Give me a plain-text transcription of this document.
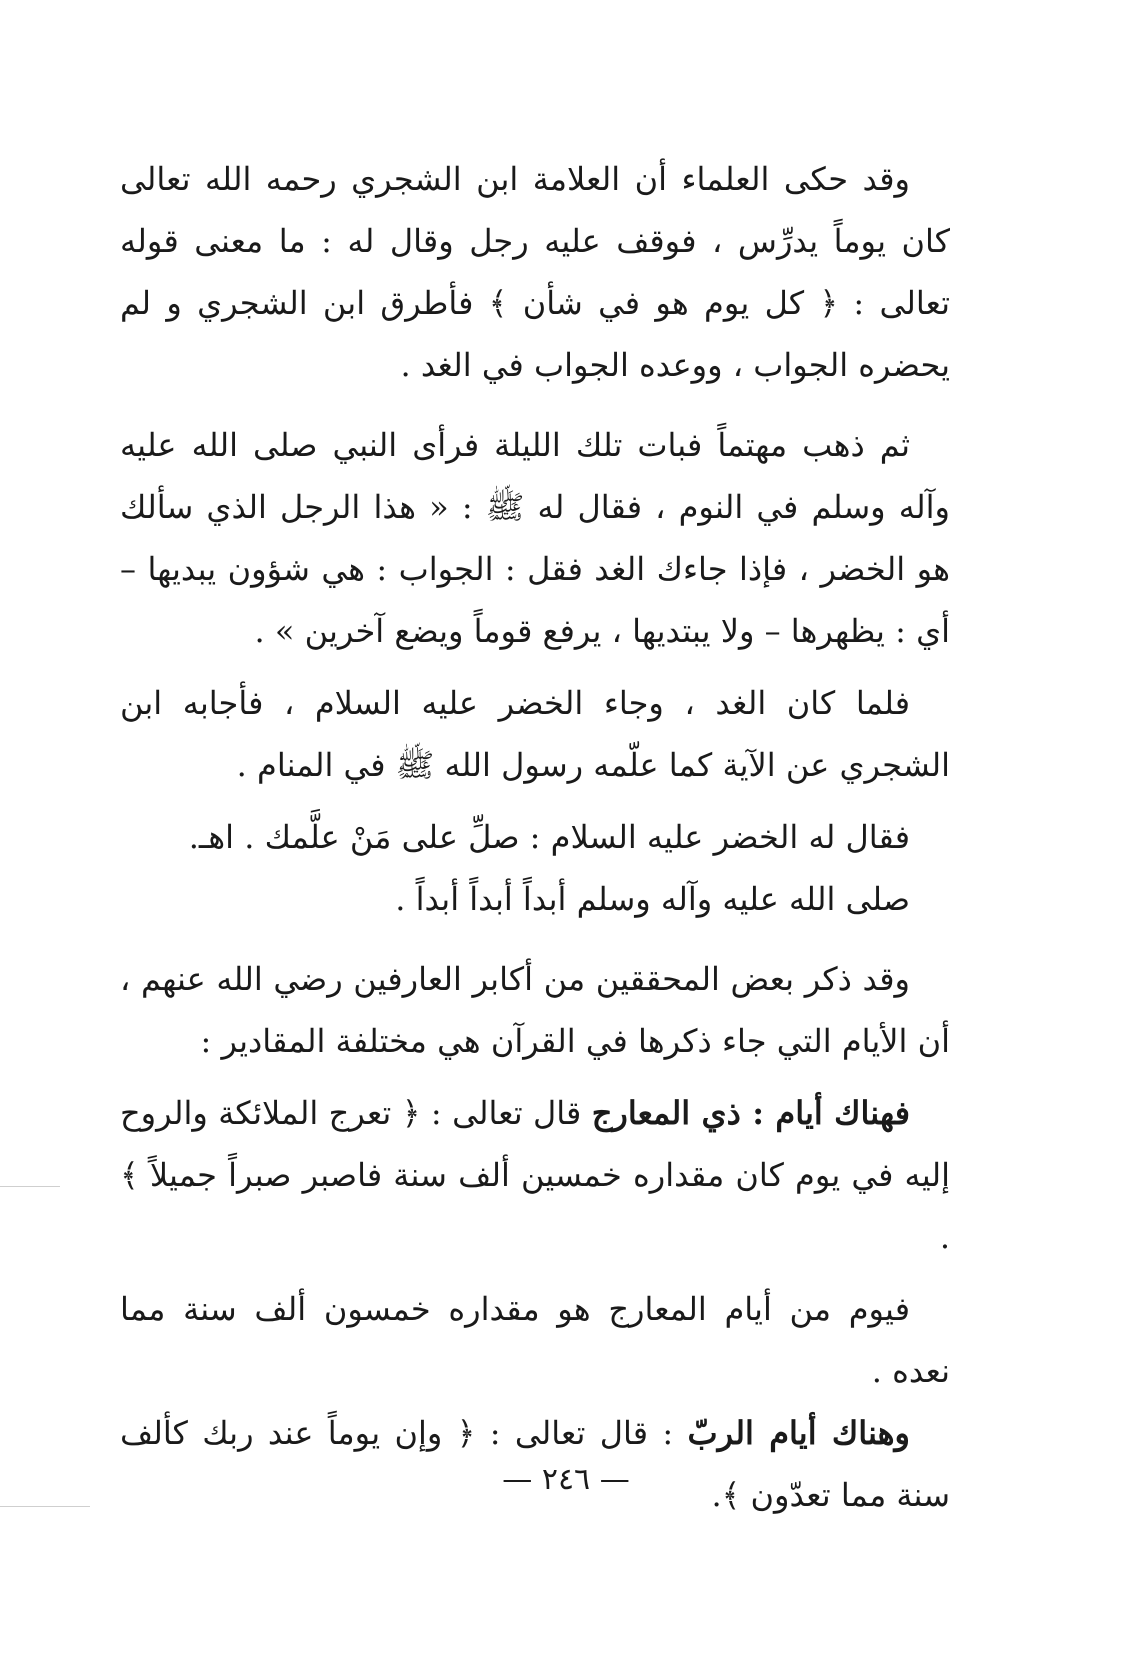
وقد حكى العلماء أن العلامة ابن الشجري رحمه الله تعالى كان يوماً يدرِّس ، فوقف عليه رجل وقال له : ما معنى قوله تعالى : ﴿ كل يوم هو في شأن ﴾ فأطرق ابن الشجري و لم يحضره الجواب ، ووعده الجواب في الغد .

ثم ذهب مهتماً فبات تلك الليلة فرأى النبي صلى الله عليه وآله وسلم في النوم ، فقال له ﷺ : « هذا الرجل الذي سألك هو الخضر ، فإذا جاءك الغد فقل : الجواب : هي شؤون يبديها – أي : يظهرها – ولا يبتديها ، يرفع قوماً ويضع آخرين » .

فلما كان الغد ، وجاء الخضر عليه السلام ، فأجابه ابن الشجري عن الآية كما علّمه رسول الله ﷺ في المنام .

فقال له الخضر عليه السلام : صلِّ على مَنْ علَّمك . اهـ.

صلى الله عليه وآله وسلم أبداً أبداً أبداً .

وقد ذكر بعض المحققين من أكابر العارفين رضي الله عنهم ، أن الأيام التي جاء ذكرها في القرآن هي مختلفة المقادير :

فهناك أيام : ذي المعارج قال تعالى : ﴿ تعرج الملائكة والروح إليه في يوم كان مقداره خمسين ألف سنة فاصبر صبراً جميلاً ﴾ .

فيوم من أيام المعارج هو مقداره خمسون ألف سنة مما نعده .

وهناك أيام الربّ : قال تعالى : ﴿ وإن يوماً عند ربك كألف سنة مما تعدّون ﴾.

— ٢٤٦ —
